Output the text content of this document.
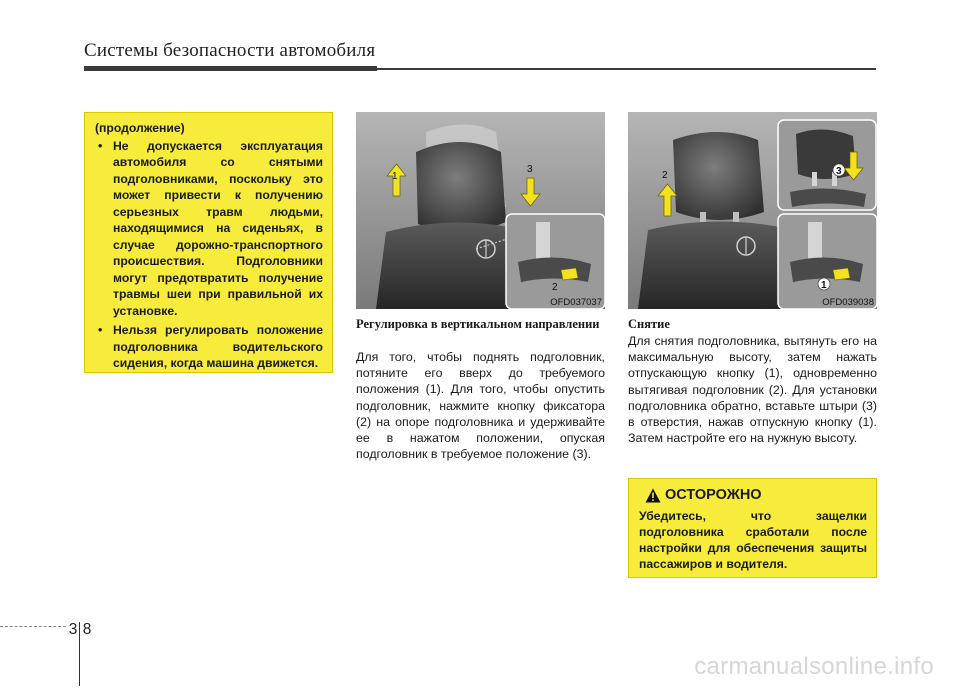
Системы безопасности автомобиля
(продолжение)
• Не допускается эксплуатация автомобиля со снятыми подголовниками, поскольку это может привести к получению серьезных травм людьми, находящимися на сиденьях, в случае дорожно-транспортного происшествия. Подголовники могут предотвратить получение травмы шеи при правильной их установке.
• Нельзя регулировать положение подголовника водительского сидения, когда машина движется.
1
3
2
OFD037037
2	3
1
OFD039038
Регулировка в вертикальном направлении
Для того, чтобы поднять подголовник, потяните его вверх до требуемого положения (1). Для того, чтобы опустить подголовник, нажмите кнопку фиксатора (2) на опоре подголовника и удерживайте ее в нажатом положении, опуская подголовник в требуемое положение (3).
Снятие
Для снятия подголовника, вытянуть его на максимальную высоту, затем нажать отпускающую кнопку (1), одновременно вытягивая подголовник (2). Для установки подголовника обратно, вставьте штыри (3) в отверстия, нажав отпускную кнопку (1). Затем настройте его на нужную высоту.
ОСТОРОЖНО
Убедитесь, что защелки подголовника сработали после настройки для обеспечения защиты пассажиров и водителя.
3 8
carmanualsonline.info
